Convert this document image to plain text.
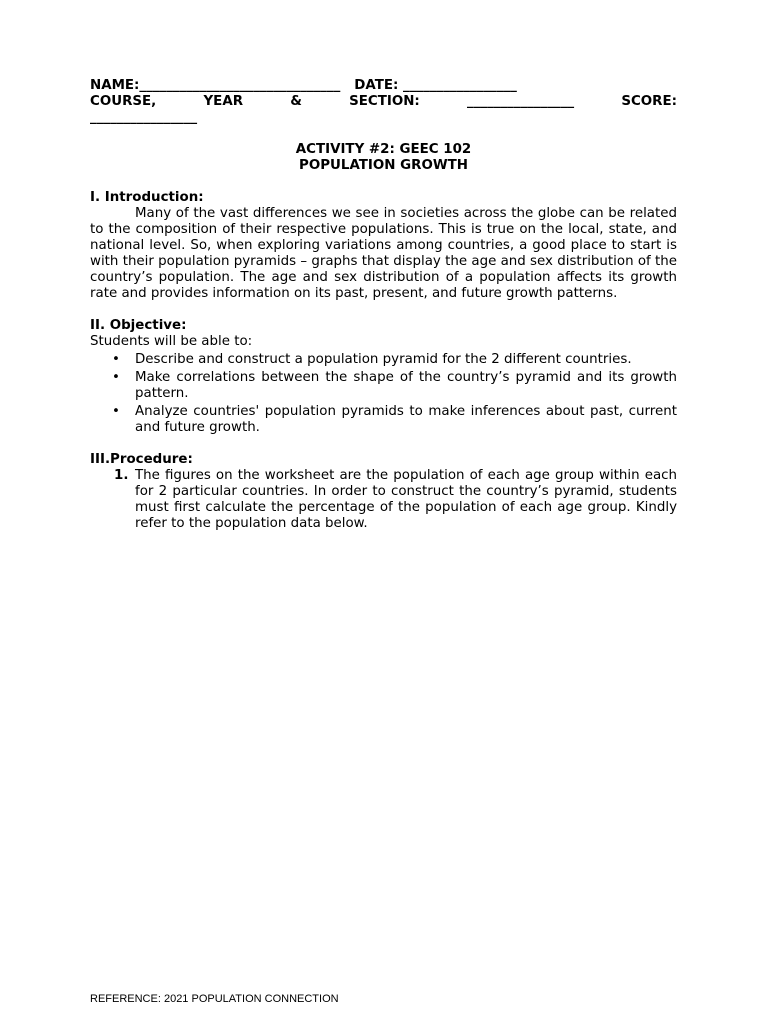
NAME:______________________________ DATE: _________________
COURSE,	YEAR	&	SECTION:	________________	SCORE:
________________
ACTIVITY #2: GEEC 102
POPULATION GROWTH
I. Introduction:
Many of the vast differences we see in societies across the globe can be related to the composition of their respective populations. This is true on the local, state, and national level. So, when exploring variations among countries, a good place to start is with their population pyramids – graphs that display the age and sex distribution of the country’s population. The age and sex distribution of a population affects its growth rate and provides information on its past, present, and future growth patterns.
II. Objective:
Students will be able to:
• Describe and construct a population pyramid for the 2 different countries.
• Make correlations between the shape of the country’s pyramid and its growth pattern.
• Analyze countries' population pyramids to make inferences about past, current and future growth.
III.Procedure:
1. The figures on the worksheet are the population of each age group within each for 2 particular countries. In order to construct the country’s pyramid, students must first calculate the percentage of the population of each age group. Kindly refer to the population data below.
REFERENCE: 2021 POPULATION CONNECTION
